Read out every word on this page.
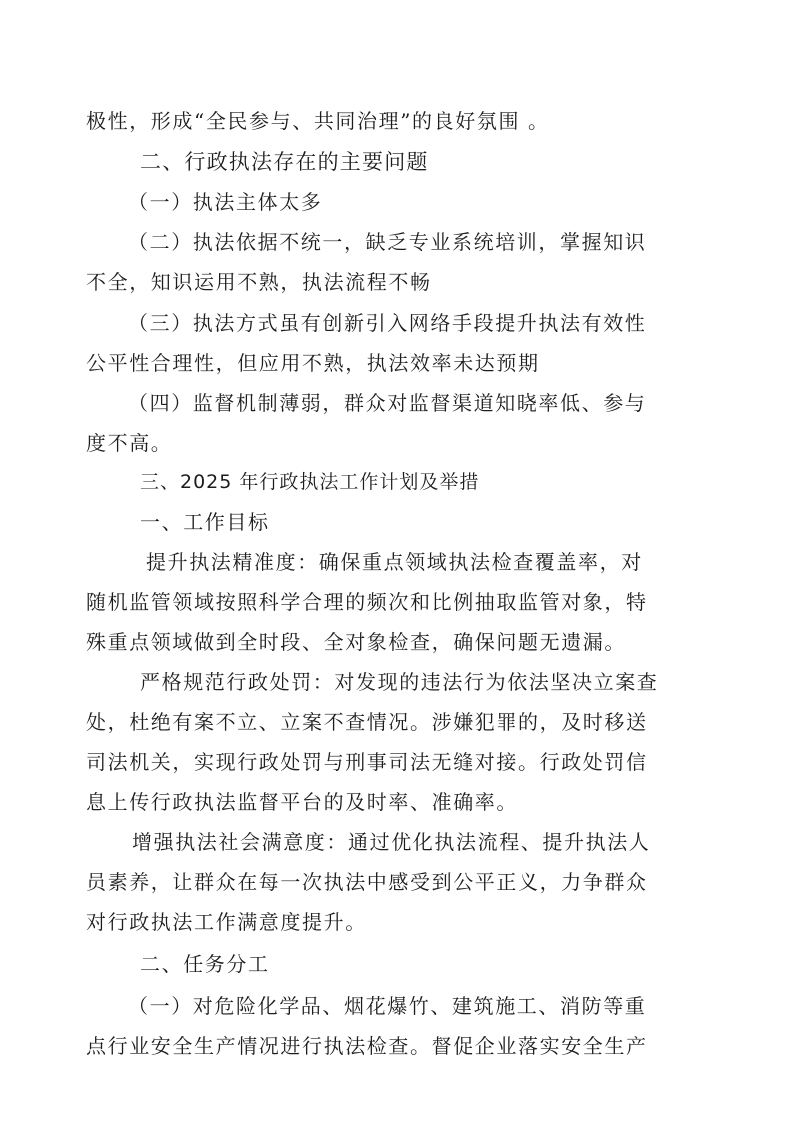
极性，形成“全民参与、共同治理”的良好氛围 。
二、行政执法存在的主要问题
（一）执法主体太多
（二）执法依据不统一，缺乏专业系统培训，掌握知识
不全，知识运用不熟，执法流程不畅
（三）执法方式虽有创新引入网络手段提升执法有效性
公平性合理性，但应用不熟，执法效率未达预期
（四）监督机制薄弱，群众对监督渠道知晓率低、参与
度不高。
三、2025 年行政执法工作计划及举措
一、工作目标
提升执法精准度：确保重点领域执法检查覆盖率，对
随机监管领域按照科学合理的频次和比例抽取监管对象，特
殊重点领域做到全时段、全对象检查，确保问题无遗漏。
严格规范行政处罚：对发现的违法行为依法坚决立案查
处，杜绝有案不立、立案不查情况。涉嫌犯罪的，及时移送
司法机关，实现行政处罚与刑事司法无缝对接。行政处罚信
息上传行政执法监督平台的及时率、准确率。
增强执法社会满意度：通过优化执法流程、提升执法人
员素养，让群众在每一次执法中感受到公平正义，力争群众
对行政执法工作满意度提升。
二、任务分工
（一）对危险化学品、烟花爆竹、建筑施工、消防等重
点行业安全生产情况进行执法检查。督促企业落实安全生产
